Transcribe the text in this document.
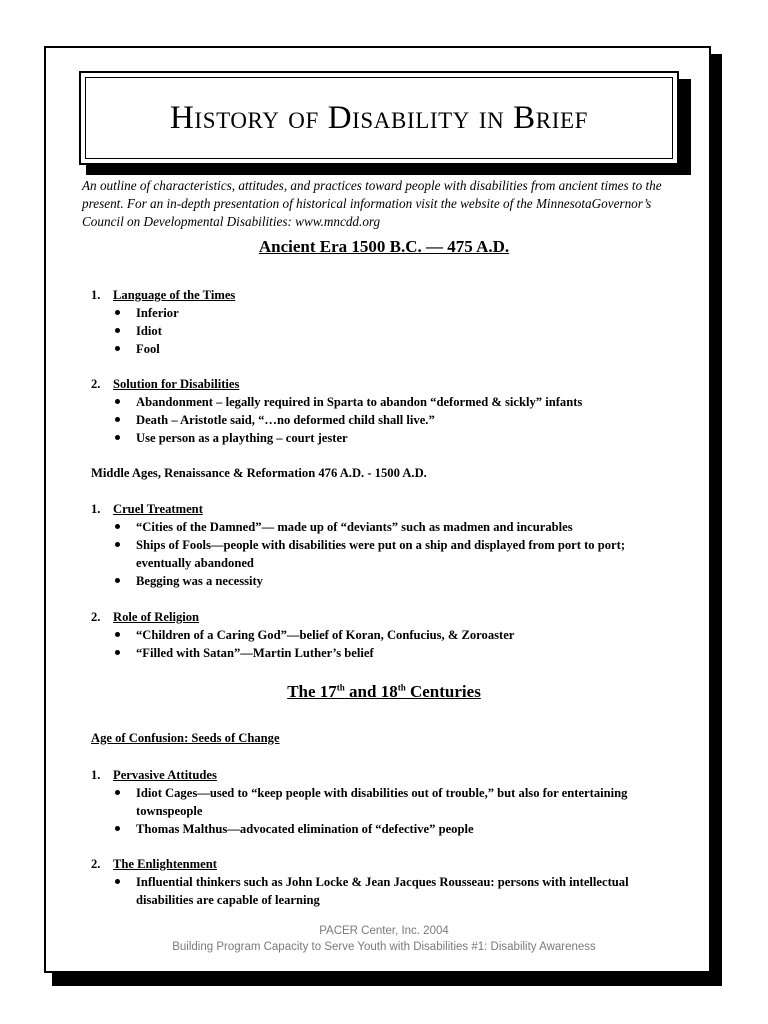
History of Disability in Brief

An outline of characteristics, attitudes, and practices toward people with disabilities from ancient times to the present. For an in-depth presentation of historical information visit the website of the MinnesotaGovernor’s Council on Developmental Disabilities: www.mncdd.org

Ancient Era 1500 B.C. — 475 A.D.
1. Language of the Times
Inferior
Idiot
Fool
2. Solution for Disabilities
Abandonment – legally required in Sparta to abandon “deformed & sickly” infants
Death – Aristotle said, “…no deformed child shall live.”
Use person as a plaything – court jester
Middle Ages, Renaissance & Reformation 476 A.D. - 1500 A.D.
1. Cruel Treatment
“Cities of the Damned”— made up of “deviants” such as madmen and incurables
Ships of Fools—people with disabilities were put on a ship and displayed from port to port; eventually abandoned
Begging was a necessity
2. Role of Religion
“Children of a Caring God”—belief of Koran, Confucius, & Zoroaster
“Filled with Satan”—Martin Luther’s belief
The 17th and 18th Centuries
Age of Confusion: Seeds of Change
1. Pervasive Attitudes
Idiot Cages—used to “keep people with disabilities out of trouble,” but also for entertaining townspeople
Thomas Malthus—advocated elimination of “defective” people
2. The Enlightenment
Influential thinkers such as John Locke & Jean Jacques Rousseau: persons with intellectual disabilities are capable of learning
PACER Center, Inc. 2004
Building Program Capacity to Serve Youth with Disabilities #1: Disability Awareness
